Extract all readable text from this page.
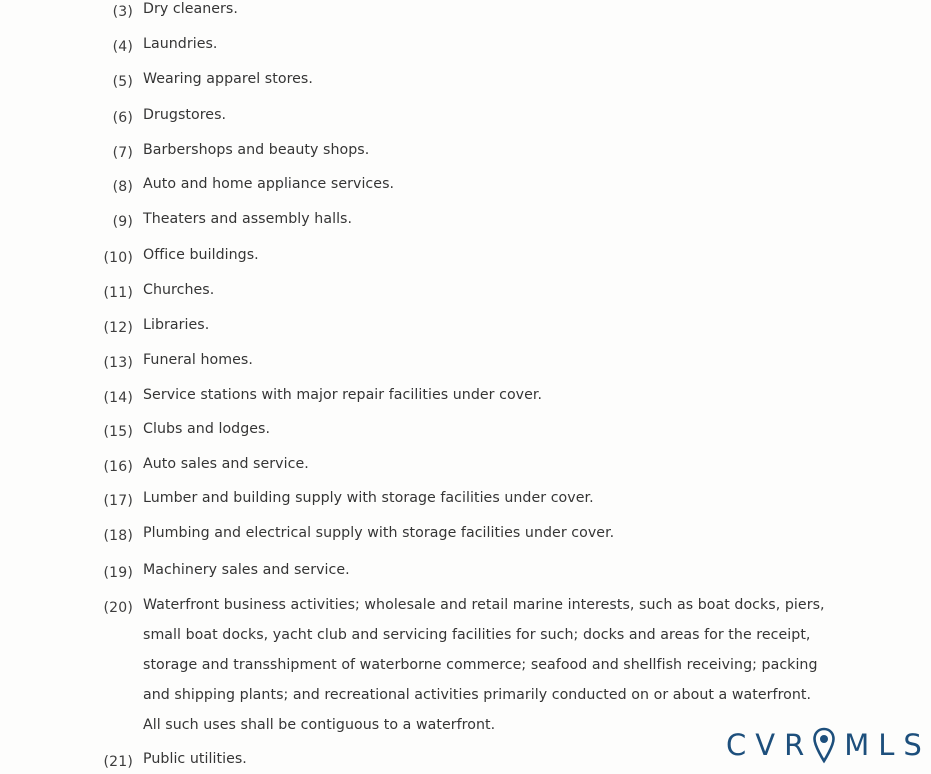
(3) Dry cleaners.
(4) Laundries.
(5) Wearing apparel stores.
(6) Drugstores.
(7) Barbershops and beauty shops.
(8) Auto and home appliance services.
(9) Theaters and assembly halls.
(10) Office buildings.
(11) Churches.
(12) Libraries.
(13) Funeral homes.
(14) Service stations with major repair facilities under cover.
(15) Clubs and lodges.
(16) Auto sales and service.
(17) Lumber and building supply with storage facilities under cover.
(18) Plumbing and electrical supply with storage facilities under cover.
(19) Machinery sales and service.
(20) Waterfront business activities; wholesale and retail marine interests, such as boat docks, piers, small boat docks, yacht club and servicing facilities for such; docks and areas for the receipt, storage and transshipment of waterborne commerce; seafood and shellfish receiving; packing and shipping plants; and recreational activities primarily conducted on or about a waterfront. All such uses shall be contiguous to a waterfront.
(21) Public utilities.	CVR MLS
